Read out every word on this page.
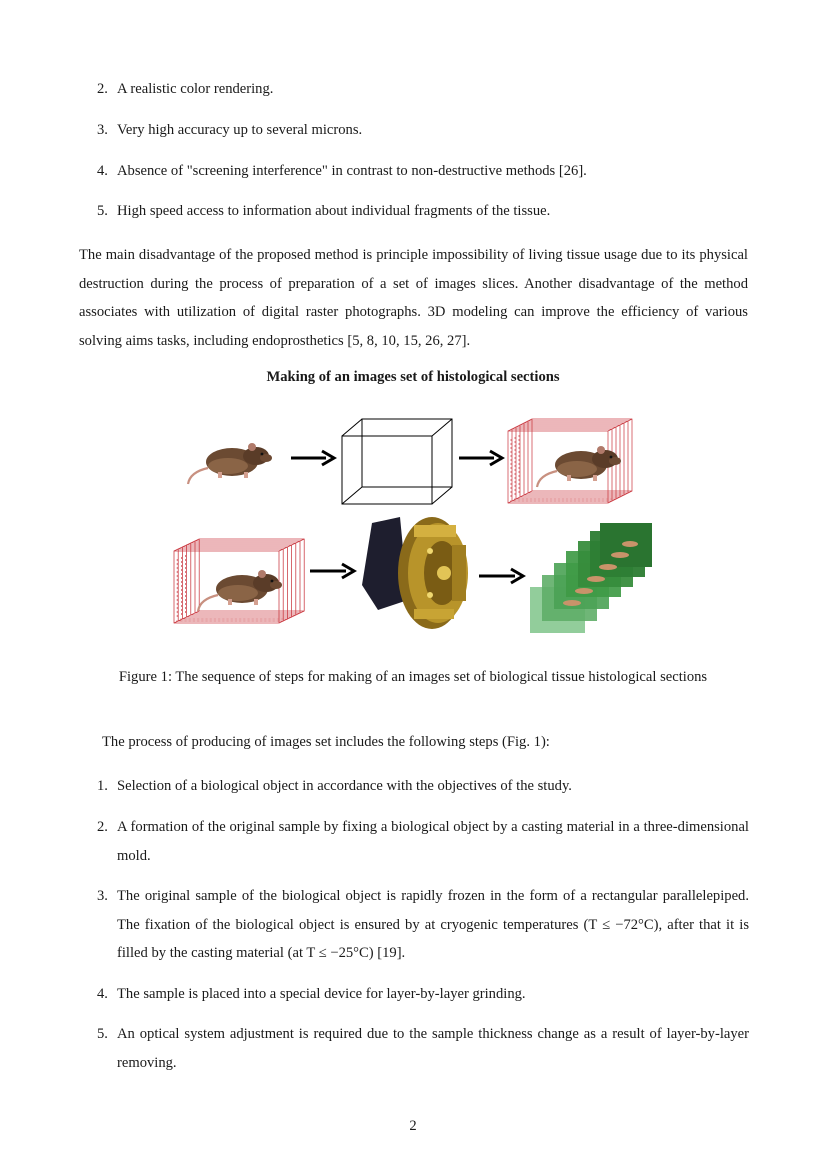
2. A realistic color rendering.
3. Very high accuracy up to several microns.
4. Absence of "screening interference" in contrast to non-destructive methods [26].
5. High speed access to information about individual fragments of the tissue.
The main disadvantage of the proposed method is principle impossibility of living tissue usage due to its physical destruction during the process of preparation of a set of images slices. Another disadvantage of the method associates with utilization of digital raster photographs. 3D modeling can improve the efficiency of various solving aims tasks, including endoprosthetics [5, 8, 10, 15, 26, 27].
Making of an images set of histological sections
Figure 1: The sequence of steps for making of an images set of biological tissue histological sections
The process of producing of images set includes the following steps (Fig. 1):
1. Selection of a biological object in accordance with the objectives of the study.
2. A formation of the original sample by fixing a biological object by a casting material in a three-dimensional mold.
3. The original sample of the biological object is rapidly frozen in the form of a rectangular parallelepiped. The fixation of the biological object is ensured by at cryogenic temperatures (T ≤ −72°C), after that it is filled by the casting material (at T ≤ −25°C) [19].
4. The sample is placed into a special device for layer-by-layer grinding.
5. An optical system adjustment is required due to the sample thickness change as a result of layer-by-layer removing.
2
